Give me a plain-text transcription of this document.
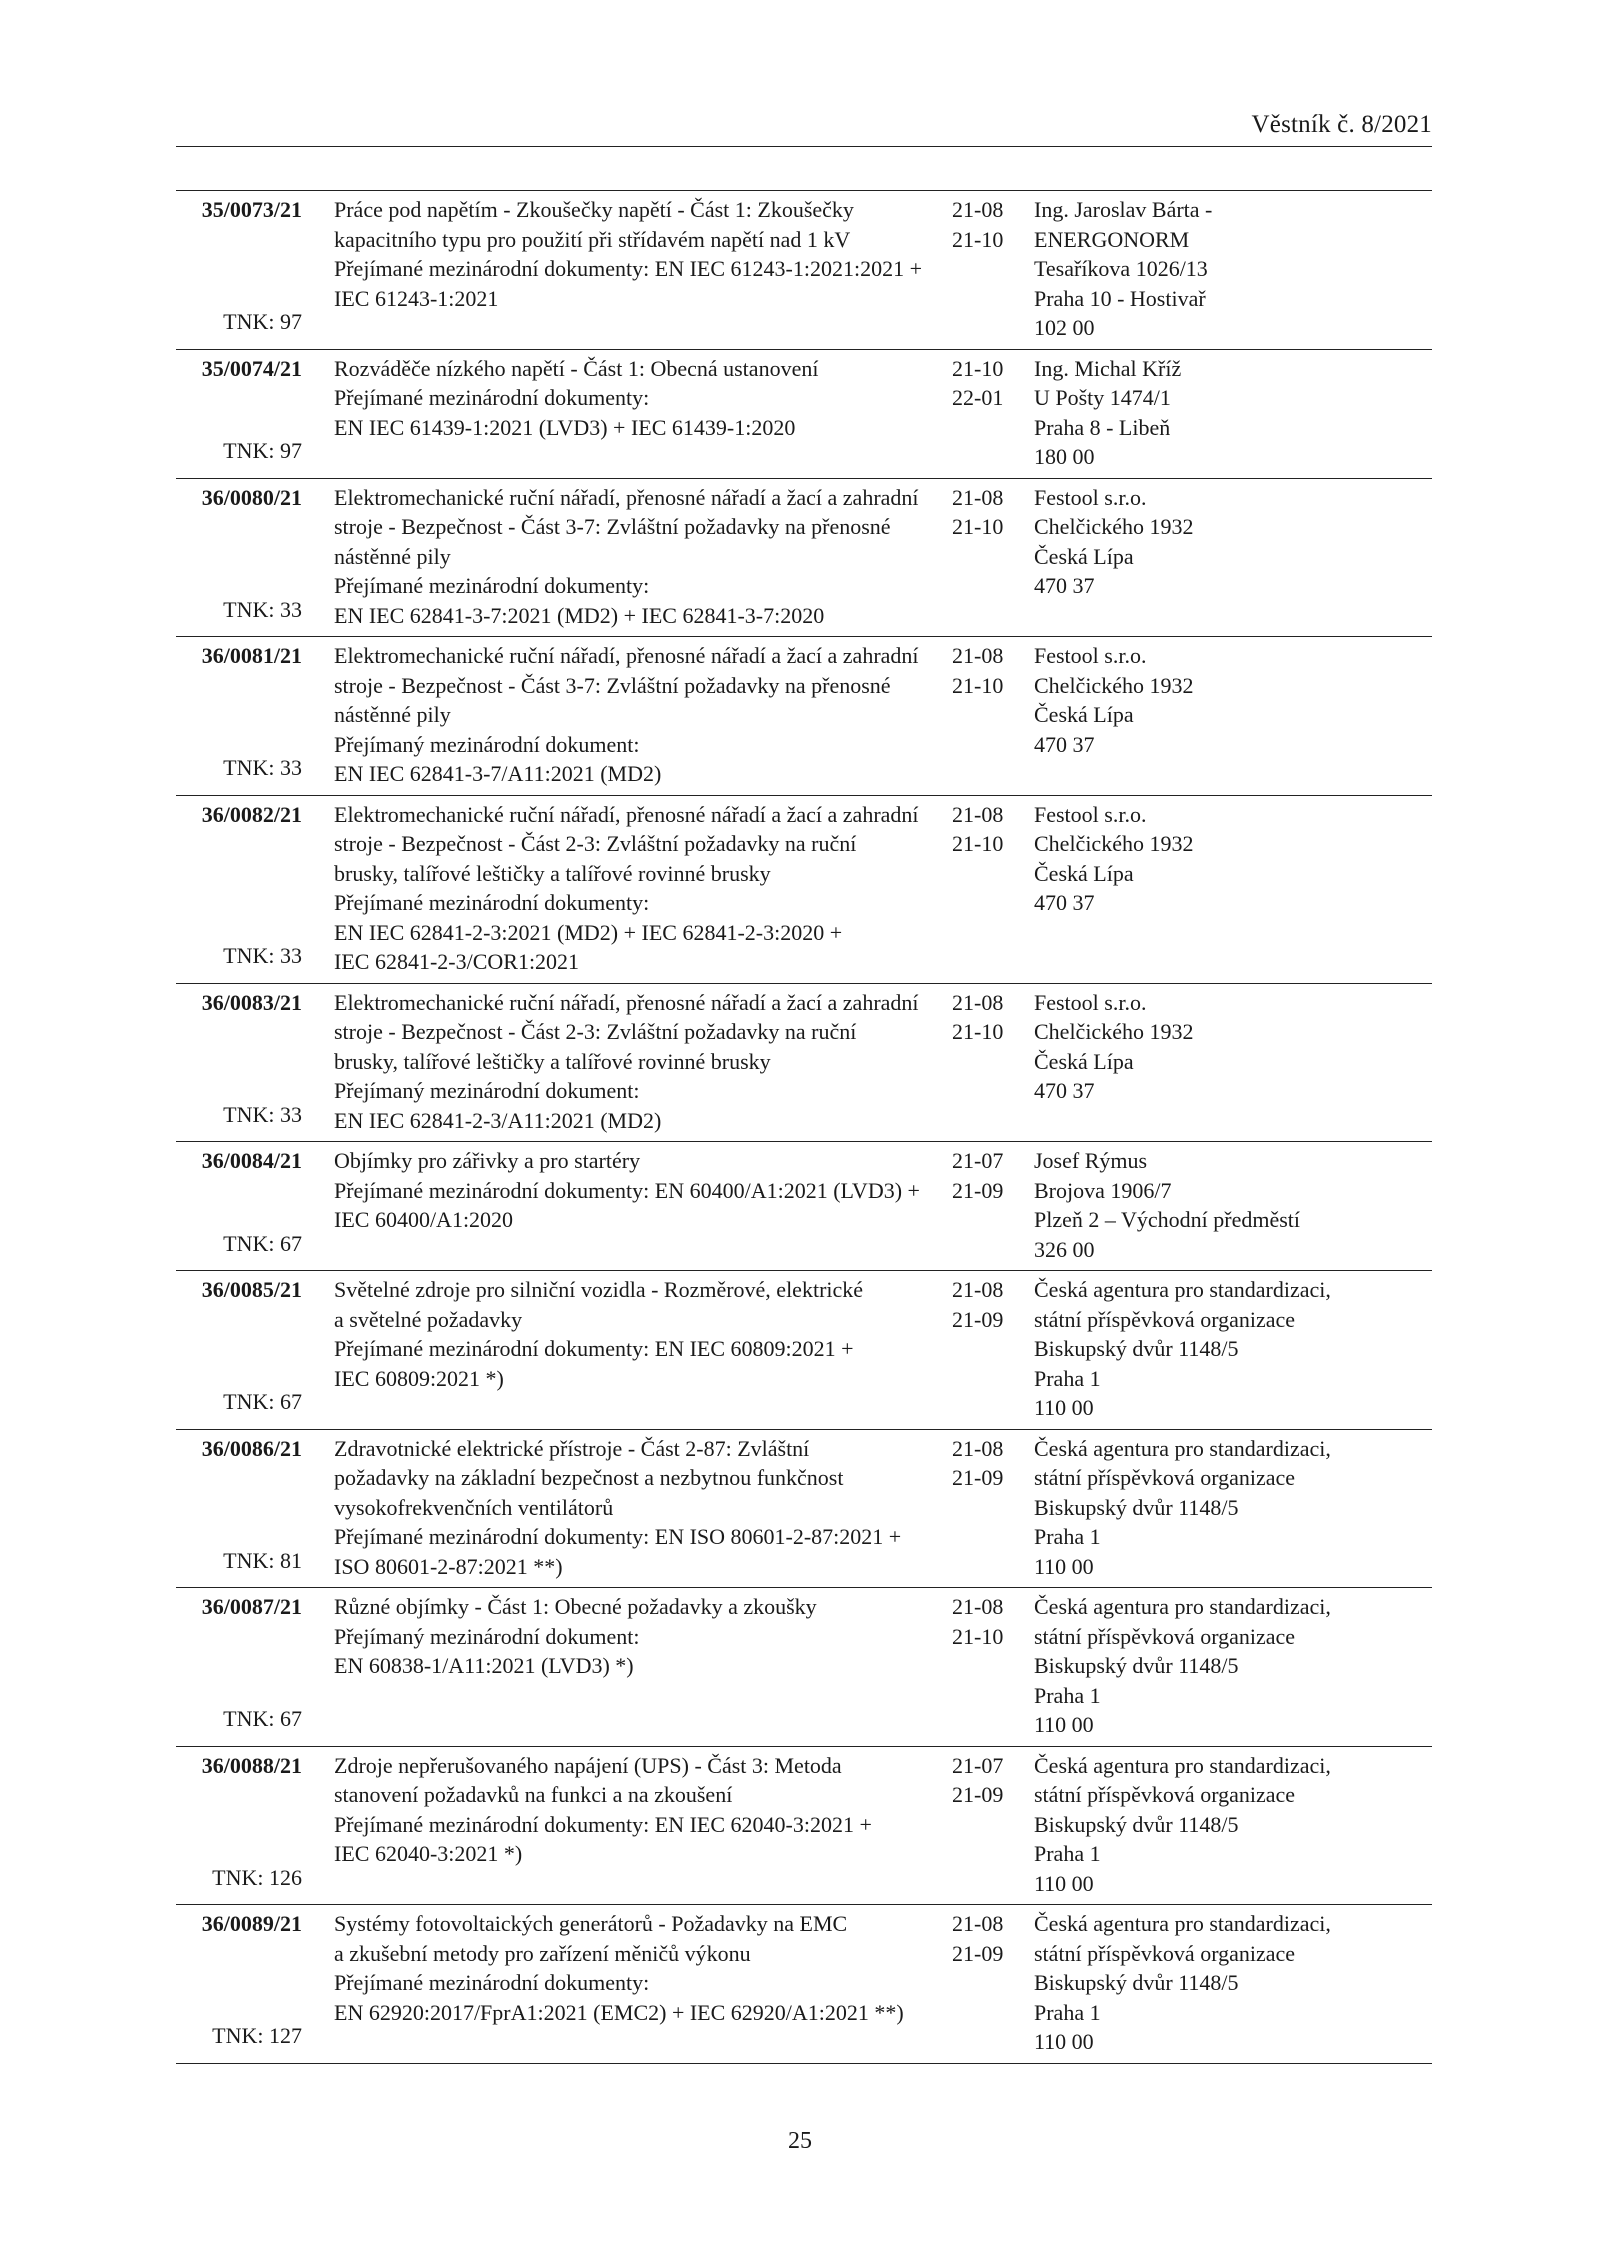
Věstník č. 8/2021
35/0073/21
TNK: 97
Práce pod napětím - Zkoušečky napětí - Část 1: Zkoušečky
kapacitního typu pro použití při střídavém napětí nad 1 kV
Přejímané mezinárodní dokumenty: EN IEC 61243-1:2021:2021 +
IEC 61243-1:2021
21-08
21-10
Ing. Jaroslav Bárta -
ENERGONORM
Tesaříkova 1026/13
Praha 10 - Hostivař
102 00
35/0074/21
TNK: 97
Rozváděče nízkého napětí - Část 1: Obecná ustanovení
Přejímané mezinárodní dokumenty:
EN IEC 61439-1:2021 (LVD3) + IEC 61439-1:2020
21-10
22-01
Ing. Michal Kříž
U Pošty 1474/1
Praha 8 - Libeň
180 00
36/0080/21
TNK: 33
Elektromechanické ruční nářadí, přenosné nářadí a žací a zahradní
stroje - Bezpečnost - Část 3-7: Zvláštní požadavky na přenosné
nástěnné pily
Přejímané mezinárodní dokumenty:
EN IEC 62841-3-7:2021 (MD2) + IEC 62841-3-7:2020
21-08
21-10
Festool s.r.o.
Chelčického 1932
Česká Lípa
470 37
36/0081/21
TNK: 33
Elektromechanické ruční nářadí, přenosné nářadí a žací a zahradní
stroje - Bezpečnost - Část 3-7: Zvláštní požadavky na přenosné
nástěnné pily
Přejímaný mezinárodní dokument:
EN IEC 62841-3-7/A11:2021 (MD2)
21-08
21-10
Festool s.r.o.
Chelčického 1932
Česká Lípa
470 37
36/0082/21
TNK: 33
Elektromechanické ruční nářadí, přenosné nářadí a žací a zahradní
stroje - Bezpečnost - Část 2-3: Zvláštní požadavky na ruční
brusky, talířové leštičky a talířové rovinné brusky
Přejímané mezinárodní dokumenty:
EN IEC 62841-2-3:2021 (MD2) + IEC 62841-2-3:2020 +
IEC 62841-2-3/COR1:2021
21-08
21-10
Festool s.r.o.
Chelčického 1932
Česká Lípa
470 37
36/0083/21
TNK: 33
Elektromechanické ruční nářadí, přenosné nářadí a žací a zahradní
stroje - Bezpečnost - Část 2-3: Zvláštní požadavky na ruční
brusky, talířové leštičky a talířové rovinné brusky
Přejímaný mezinárodní dokument:
EN IEC 62841-2-3/A11:2021 (MD2)
21-08
21-10
Festool s.r.o.
Chelčického 1932
Česká Lípa
470 37
36/0084/21
TNK: 67
Objímky pro zářivky a pro startéry
Přejímané mezinárodní dokumenty: EN 60400/A1:2021 (LVD3) +
IEC 60400/A1:2020
21-07
21-09
Josef Rýmus
Brojova 1906/7
Plzeň 2 – Východní předměstí
326 00
36/0085/21
TNK: 67
Světelné zdroje pro silniční vozidla - Rozměrové, elektrické
a světelné požadavky
Přejímané mezinárodní dokumenty: EN IEC 60809:2021 +
IEC 60809:2021 *)
21-08
21-09
Česká agentura pro standardizaci,
státní příspěvková organizace
Biskupský dvůr 1148/5
Praha 1
110 00
36/0086/21
TNK: 81
Zdravotnické elektrické přístroje - Část 2-87: Zvláštní
požadavky na základní bezpečnost a nezbytnou funkčnost
vysokofrekvenčních ventilátorů
Přejímané mezinárodní dokumenty: EN ISO 80601-2-87:2021 +
ISO 80601-2-87:2021 **)
21-08
21-09
Česká agentura pro standardizaci,
státní příspěvková organizace
Biskupský dvůr 1148/5
Praha 1
110 00
36/0087/21
TNK: 67
Různé objímky - Část 1: Obecné požadavky a zkoušky
Přejímaný mezinárodní dokument:
EN 60838-1/A11:2021 (LVD3) *)
21-08
21-10
Česká agentura pro standardizaci,
státní příspěvková organizace
Biskupský dvůr 1148/5
Praha 1
110 00
36/0088/21
TNK: 126
Zdroje nepřerušovaného napájení (UPS) - Část 3: Metoda
stanovení požadavků na funkci a na zkoušení
Přejímané mezinárodní dokumenty: EN IEC 62040-3:2021 +
IEC 62040-3:2021 *)
21-07
21-09
Česká agentura pro standardizaci,
státní příspěvková organizace
Biskupský dvůr 1148/5
Praha 1
110 00
36/0089/21
TNK: 127
Systémy fotovoltaických generátorů - Požadavky na EMC
a zkušební metody pro zařízení měničů výkonu
Přejímané mezinárodní dokumenty:
EN 62920:2017/FprA1:2021 (EMC2) + IEC 62920/A1:2021 **)
21-08
21-09
Česká agentura pro standardizaci,
státní příspěvková organizace
Biskupský dvůr 1148/5
Praha 1
110 00
25
